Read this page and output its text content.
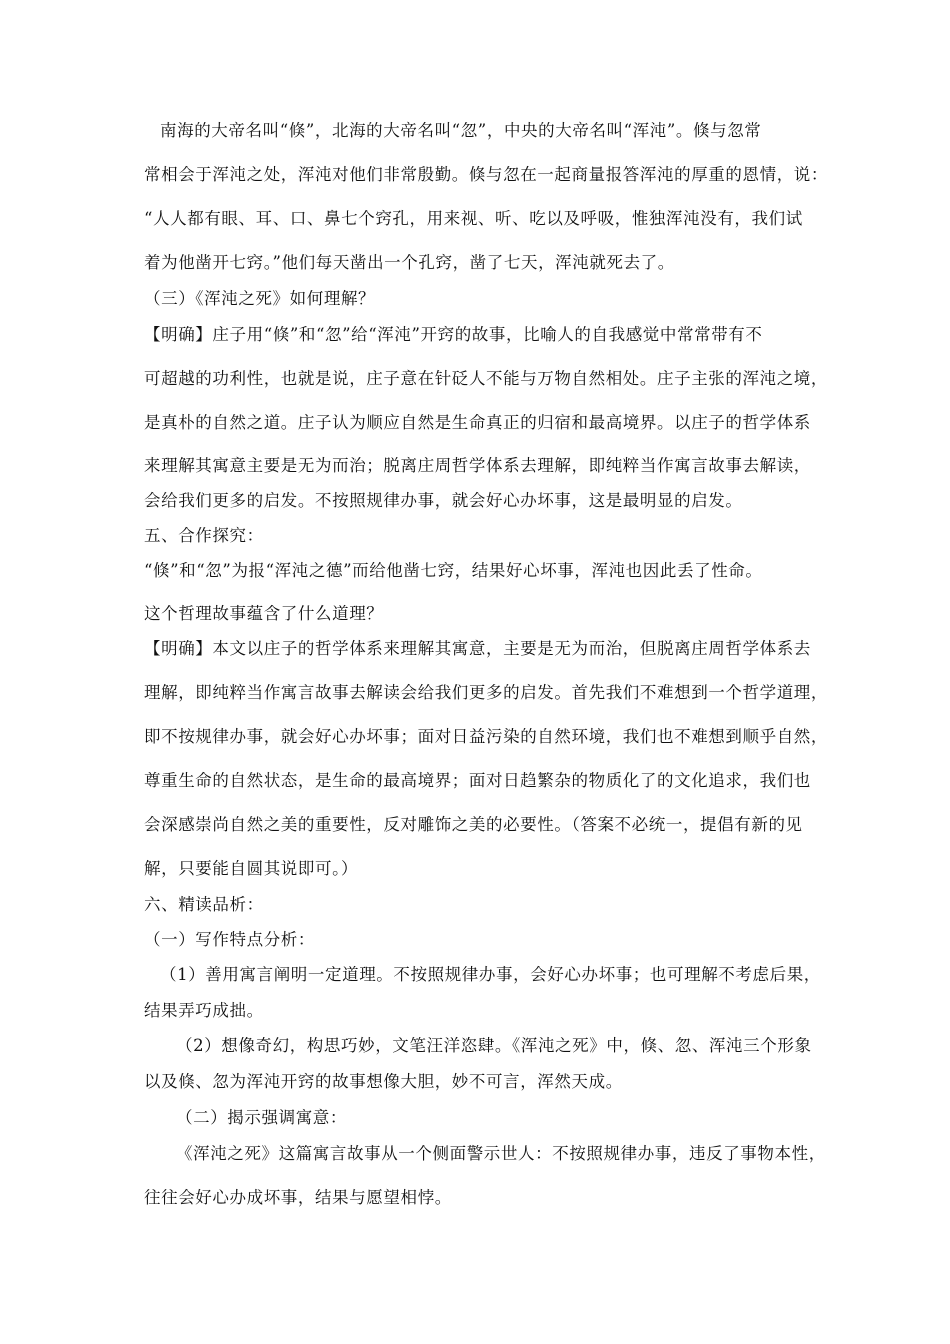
南海的大帝名叫“倏”，北海的大帝名叫“忽”，中央的大帝名叫“浑沌”。倏与忽常
常相会于浑沌之处，浑沌对他们非常殷勤。倏与忽在一起商量报答浑沌的厚重的恩情，说：
“人人都有眼、耳、口、鼻七个窍孔，用来视、听、吃以及呼吸，惟独浑沌没有，我们试
着为他凿开七窍。”他们每天凿出一个孔窍，凿了七天，浑沌就死去了。
（三）《浑沌之死》如何理解？
【明确】庄子用“倏”和“忽”给“浑沌”开窍的故事，比喻人的自我感觉中常常带有不
可超越的功利性，也就是说，庄子意在针砭人不能与万物自然相处。庄子主张的浑沌之境，
是真朴的自然之道。庄子认为顺应自然是生命真正的归宿和最高境界。以庄子的哲学体系
来理解其寓意主要是无为而治；脱离庄周哲学体系去理解，即纯粹当作寓言故事去解读，
会给我们更多的启发。不按照规律办事，就会好心办坏事，这是最明显的启发。
五、合作探究：
“倏”和“忽”为报“浑沌之德”而给他凿七窍，结果好心坏事，浑沌也因此丢了性命。
这个哲理故事蕴含了什么道理？
【明确】本文以庄子的哲学体系来理解其寓意，主要是无为而治，但脱离庄周哲学体系去
理解，即纯粹当作寓言故事去解读会给我们更多的启发。首先我们不难想到一个哲学道理，
即不按规律办事，就会好心办坏事；面对日益污染的自然环境，我们也不难想到顺乎自然，
尊重生命的自然状态，是生命的最高境界；面对日趋繁杂的物质化了的文化追求，我们也
会深感崇尚自然之美的重要性，反对雕饰之美的必要性。（答案不必统一，提倡有新的见
解，只要能自圆其说即可。）
六、精读品析：
（一）写作特点分析：
（1）善用寓言阐明一定道理。不按照规律办事，会好心办坏事；也可理解不考虑后果，
结果弄巧成拙。
（2）想像奇幻，构思巧妙，文笔汪洋恣肆。《浑沌之死》中，倏、忽、浑沌三个形象
以及倏、忽为浑沌开窍的故事想像大胆，妙不可言，浑然天成。
（二）揭示强调寓意：
《浑沌之死》这篇寓言故事从一个侧面警示世人：不按照规律办事，违反了事物本性，
往往会好心办成坏事，结果与愿望相悖。
